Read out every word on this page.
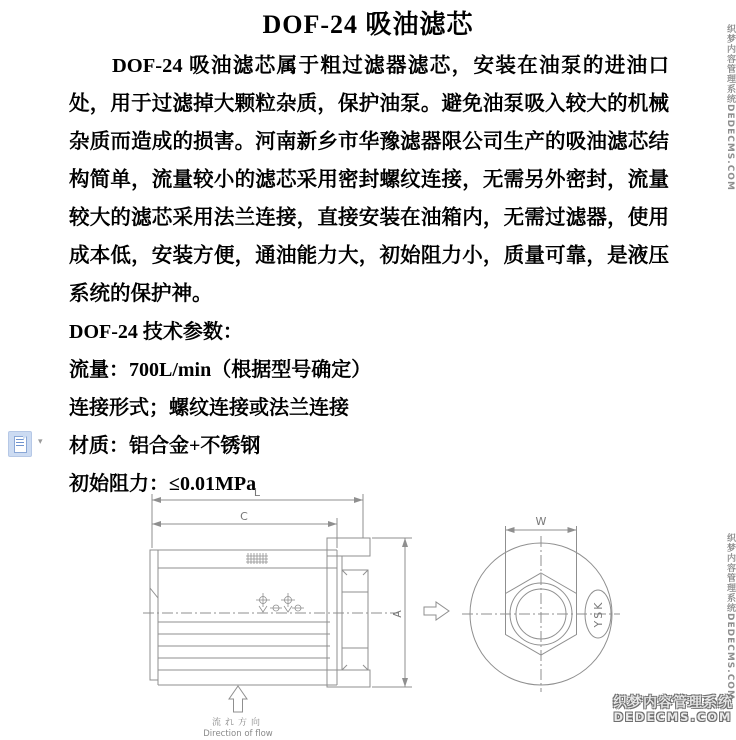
DOF-24 吸油滤芯

DOF-24 吸油滤芯属于粗过滤器滤芯，安装在油泵的进油口处，用于过滤掉大颗粒杂质，保护油泵。避免油泵吸入较大的机械杂质而造成的损害。河南新乡市华豫滤器限公司生产的吸油滤芯结构简单，流量较小的滤芯采用密封螺纹连接，无需另外密封，流量较大的滤芯采用法兰连接，直接安装在油箱内，无需过滤器，使用成本低，安装方便，通油能力大，初始阻力小，质量可靠，是液压系统的保护神。

DOF-24 技术参数：

流量：700L/min（根据型号确定）

连接形式；螺纹连接或法兰连接

材质：铝合金+不锈钢

初始阻力：≤0.01MPa

▾
L
C
A
W
YSK
流れ方向
Direction of flow
织梦内容管理系统DEDECMS.COM
织梦内容管理系统DEDECMS.COM
织梦内容管理系统
DEDECMS.COM
